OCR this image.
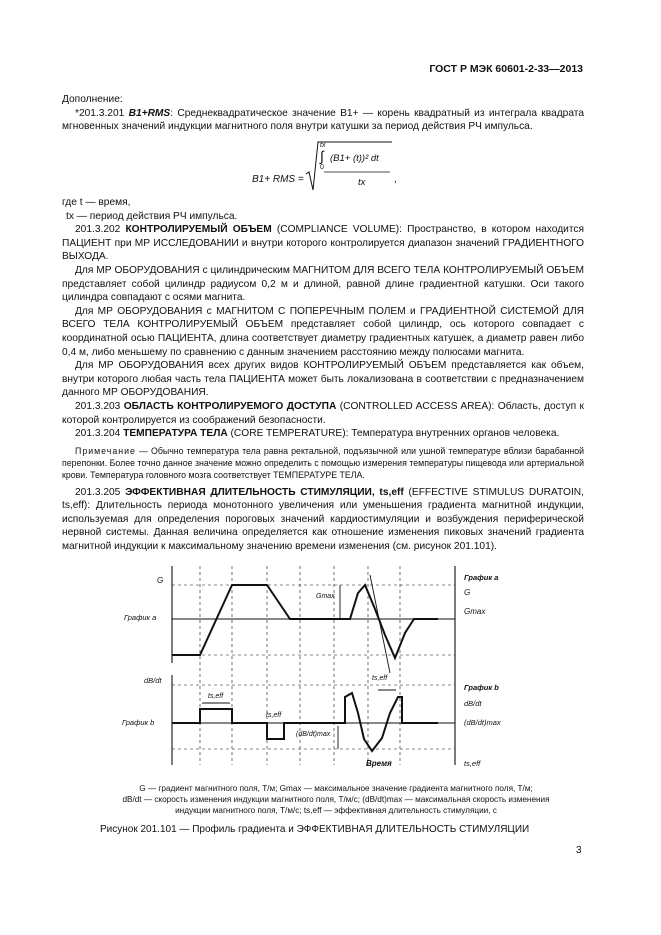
ГОСТ Р МЭК 60601-2-33—2013

Дополнение:

*201.3.201 B1+RMS: Среднеквадратическое значение B1+ — корень квадратный из интеграла квадрата мгновенных значений индукции магнитного поля внутри катушки за период действия РЧ импульса.

B1+ RMS =
tx
∫
0
(B1+ (t))² dt
tx	,

где t — время,

tx — период действия РЧ импульса.

201.3.202 КОНТРОЛИРУЕМЫЙ ОБЪЕМ (COMPLIANCE VOLUME): Пространство, в котором находится ПАЦИЕНТ при МР ИССЛЕДОВАНИИ и внутри которого контролируется диапазон значений ГРАДИЕНТНОГО ВЫХОДА.

Для МР ОБОРУДОВАНИЯ с цилиндрическим МАГНИТОМ ДЛЯ ВСЕГО ТЕЛА КОНТРОЛИРУЕМЫЙ ОБЪЕМ представляет собой цилиндр радиусом 0,2 м и длиной, равной длине градиентной катушки. Оси такого цилиндра совпадают с осями магнита.

Для МР ОБОРУДОВАНИЯ с МАГНИТОМ С ПОПЕРЕЧНЫМ ПОЛЕМ и ГРАДИЕНТНОЙ СИСТЕМОЙ ДЛЯ ВСЕГО ТЕЛА КОНТРОЛИРУЕМЫЙ ОБЪЕМ представляет собой цилиндр, ось которого совпадает с координатной осью ПАЦИЕНТА, длина соответствует диаметру градиентных катушек, а диаметр равен либо 0,4 м, либо меньшему по сравнению с данным значением расстоянию между полюсами магнита.

Для МР ОБОРУДОВАНИЯ всех других видов КОНТРОЛИРУЕМЫЙ ОБЪЕМ представляется как объем, внутри которого любая часть тела ПАЦИЕНТА может быть локализована в соответствии с предназначением данного МР ОБОРУДОВАНИЯ.

201.3.203 ОБЛАСТЬ КОНТРОЛИРУЕМОГО ДОСТУПА (CONTROLLED ACCESS AREA): Область, доступ к которой контролируется из соображений безопасности.

201.3.204 ТЕМПЕРАТУРА ТЕЛА (CORE TEMPERATURE): Температура внутренних органов человека.

Примечание — Обычно температура тела равна ректальной, подъязычной или ушной температуре вблизи барабанной перепонки. Более точно данное значение можно определить с помощью измерения температуры пищевода или артериальной крови. Температура головного мозга соответствует ТЕМПЕРАТУРЕ ТЕЛА.

201.3.205 ЭФФЕКТИВНАЯ ДЛИТЕЛЬНОСТЬ СТИМУЛЯЦИИ, ts,eff (EFFECTIVE STIMULUS DURATOIN, ts,eff): Длительность периода монотонного увеличения или уменьшения градиента магнитной индукции, используемая для определения пороговых значений кардиостимуляции и возбуждения периферической нервной системы. Данная величина определяется как отношение изменения пиковых значений градиента магнитной индукции к максимальному значению времени изменения (см. рисунок 201.101).

G
График а
График а
G
Gmax
Gmax
dB/dt
График b
График b
dB/dt
(dB/dt)max
(dB/dt)max
ts,eff
ts,eff
ts,eff
ts,eff
Время
G — градиент магнитного поля, Т/м; Gmax — максимальное значение градиента магнитного поля, Т/м;
dB/dt — скорость изменения индукции магнитного поля, Т/м/с; (dB/dt)max — максимальная скорость изменения
индукции магнитного поля, Т/м/с; ts,eff — эффективная длительность стимуляции, с
Рисунок 201.101 — Профиль градиента и ЭФФЕКТИВНАЯ ДЛИТЕЛЬНОСТЬ СТИМУЛЯЦИИ
3
